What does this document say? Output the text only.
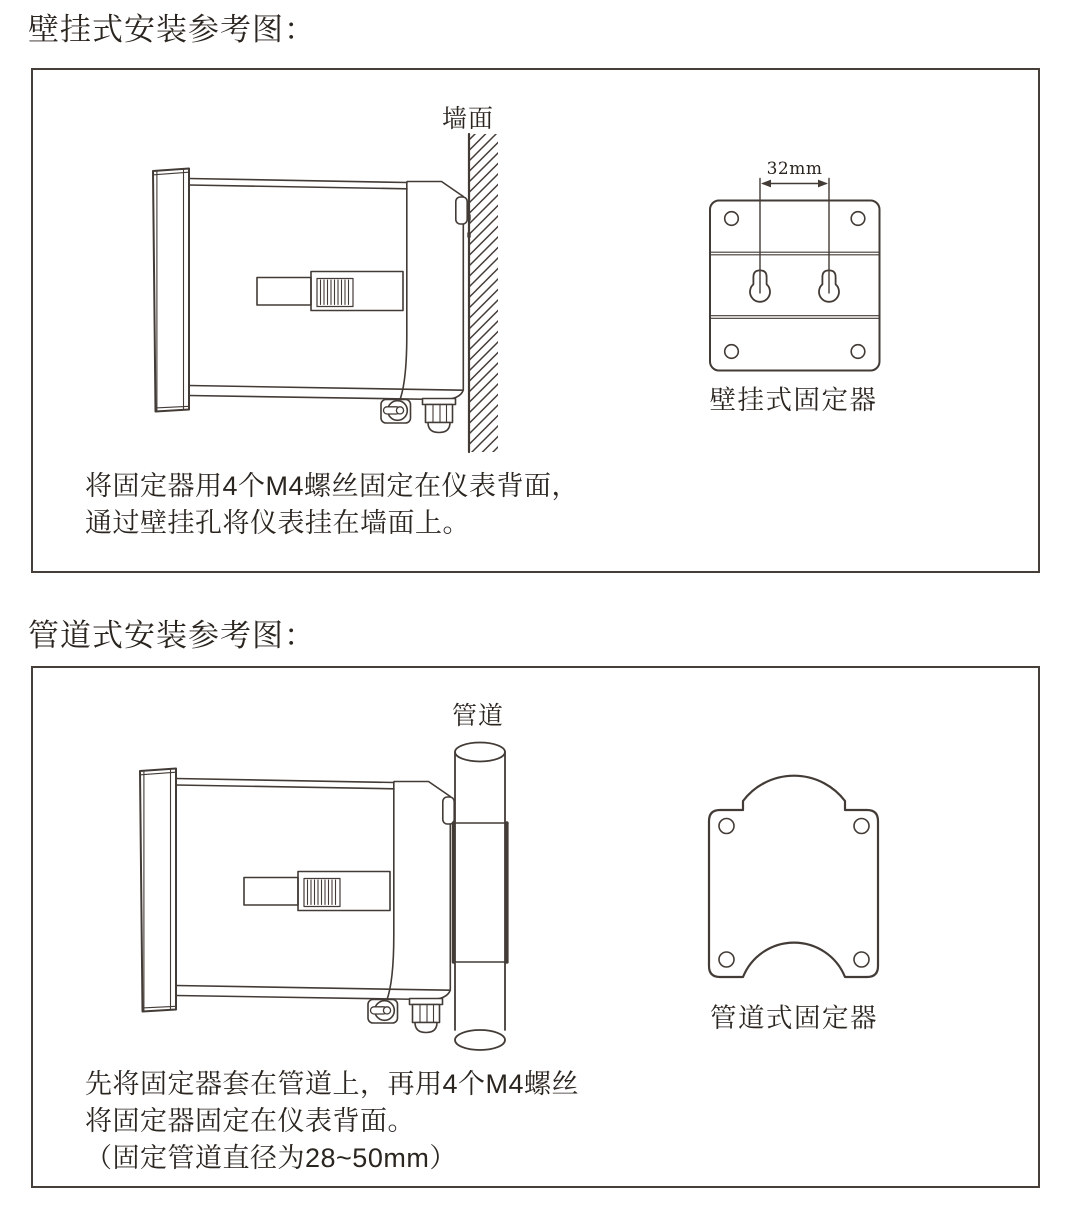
壁挂式安装参考图：
管道式安装参考图：
墙面
32mm
壁挂式固定器
管道
管道式固定器
将固定器用4个M4螺丝固定在仪表背面，
通过壁挂孔将仪表挂在墙面上。
先将固定器套在管道上，再用4个M4螺丝
将固定器固定在仪表背面。
（固定管道直径为28~50mm）
